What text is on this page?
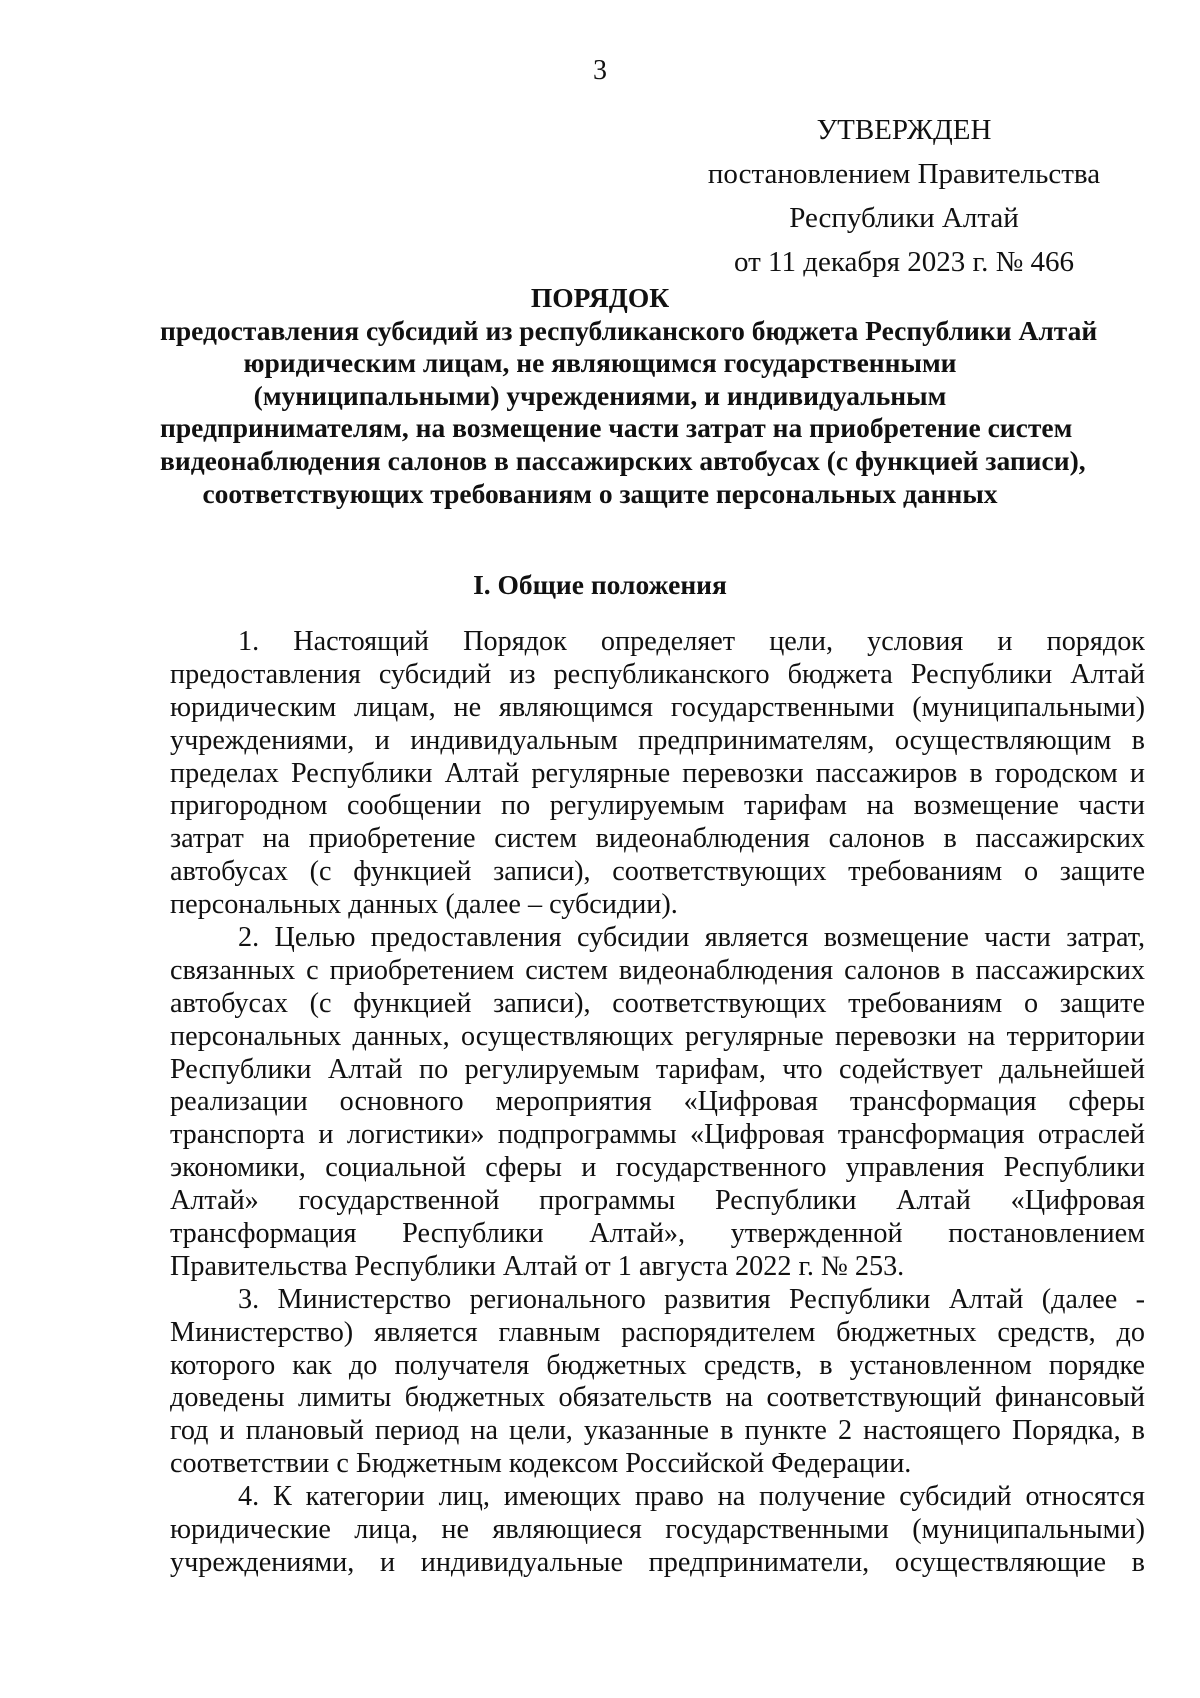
3
УТВЕРЖДЕН
постановлением Правительства
Республики Алтай
от 11 декабря 2023 г. № 466
ПОРЯДОК
предоставления субсидий из республиканского бюджета Республики Алтай
юридическим лицам, не являющимся государственными
(муниципальными) учреждениями, и индивидуальным
предпринимателям, на возмещение части затрат на приобретение систем
видеонаблюдения салонов в пассажирских автобусах (с функцией записи),
соответствующих требованиям о защите персональных данных
I. Общие положения
1. Настоящий Порядок определяет цели, условия и порядок
предоставления субсидий из республиканского бюджета Республики Алтай
юридическим лицам, не являющимся государственными (муниципальными)
учреждениями, и индивидуальным предпринимателям, осуществляющим в
пределах Республики Алтай регулярные перевозки пассажиров в городском и
пригородном сообщении по регулируемым тарифам на возмещение части
затрат на приобретение систем видеонаблюдения салонов в пассажирских
автобусах (с функцией записи), соответствующих требованиям о защите
персональных данных (далее – субсидии).
2. Целью предоставления субсидии является возмещение части затрат,
связанных с приобретением систем видеонаблюдения салонов в пассажирских
автобусах (с функцией записи), соответствующих требованиям о защите
персональных данных, осуществляющих регулярные перевозки на территории
Республики Алтай по регулируемым тарифам, что содействует дальнейшей
реализации основного мероприятия «Цифровая трансформация сферы
транспорта и логистики» подпрограммы «Цифровая трансформация отраслей
экономики, социальной сферы и государственного управления Республики
Алтай» государственной программы Республики Алтай «Цифровая
трансформация Республики Алтай», утвержденной постановлением
Правительства Республики Алтай от 1 августа 2022 г. № 253.
3. Министерство регионального развития Республики Алтай (далее -
Министерство) является главным распорядителем бюджетных средств, до
которого как до получателя бюджетных средств, в установленном порядке
доведены лимиты бюджетных обязательств на соответствующий финансовый
год и плановый период на цели, указанные в пункте 2 настоящего Порядка, в
соответствии с Бюджетным кодексом Российской Федерации.
4. К категории лиц, имеющих право на получение субсидий относятся
юридические лица, не являющиеся государственными (муниципальными)
учреждениями, и индивидуальные предприниматели, осуществляющие в
